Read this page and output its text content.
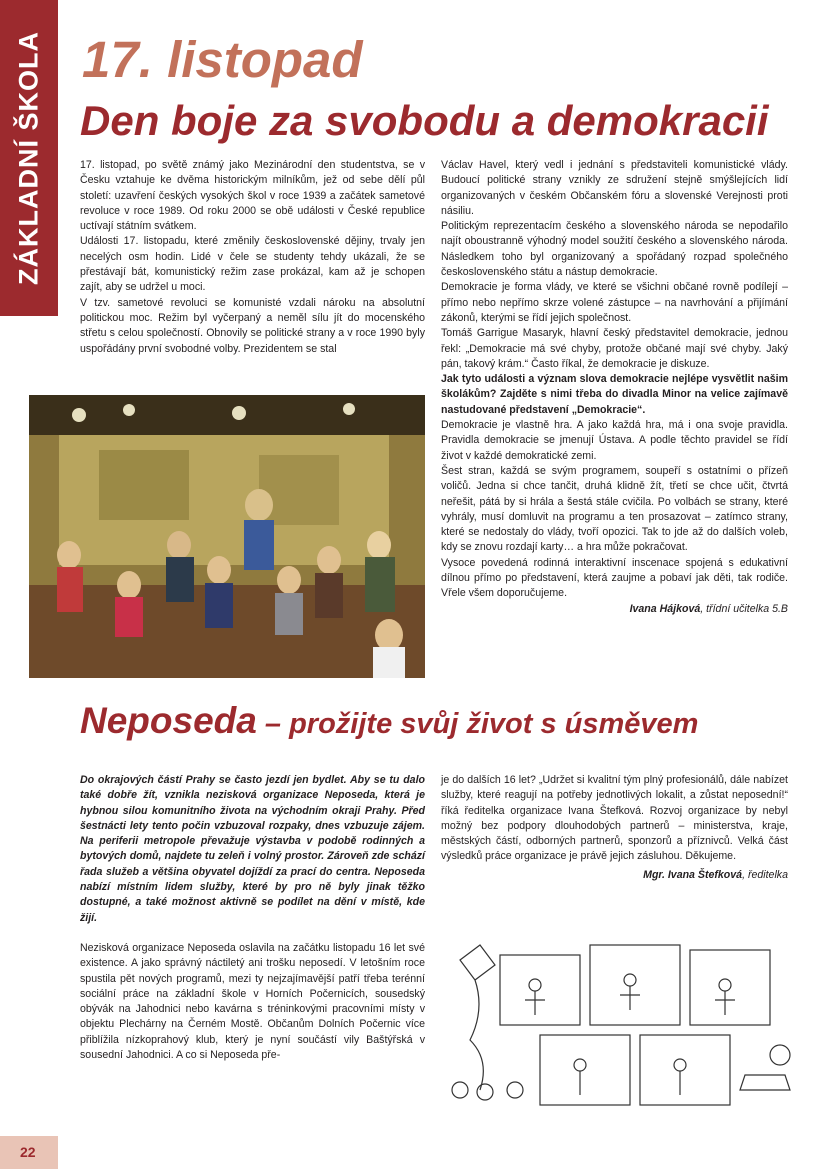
ZÁKLADNÍ ŠKOLA 17. listopad
Den boje za svobodu a demokracii

17. listopad, po světě známý jako Mezinárodní den studentstva, se v Česku vztahuje ke dvěma historickým milníkům, jež od sebe dělí půl století: uzavření českých vysokých škol v roce 1939 a začátek sametové revoluce v roce 1989. Od roku 2000 se obě události v České republice uctívají státním svátkem.

Události 17. listopadu, které změnily československé dějiny, trvaly jen necelých osm hodin. Lidé v čele se studenty tehdy ukázali, že se přestávají bát, komunistický režim zase prokázal, kam až je schopen zajít, aby se udržel u moci.

V tzv. sametové revoluci se komunisté vzdali nároku na absolutní politickou moc. Režim byl vyčerpaný a neměl sílu jít do mocenského střetu s celou společností. Obnovily se politické strany a v roce 1990 byly uspořádány první svobodné volby. Prezidentem se stal

Václav Havel, který vedl i jednání s představiteli komunistické vlády. Budoucí politické strany vznikly ze sdružení stejně smýšlejících lidí organizovaných v českém Občanském fóru a slovenské Verejnosti proti násiliu.

Politickým reprezentacím českého a slovenského národa se nepodařilo najít oboustranně výhodný model soužití českého a slovenského národa. Následkem toho byl organizovaný a spořádaný rozpad společného československého státu a nástup demokracie.

Demokracie je forma vlády, ve které se všichni občané rovně podílejí – přímo nebo nepřímo skrze volené zástupce – na navrhování a přijímání zákonů, kterými se řídí jejich společnost.

Tomáš Garrigue Masaryk, hlavní český představitel demokracie, jednou řekl: „Demokracie má své chyby, protože občané mají své chyby. Jaký pán, takový krám.“ Často říkal, že demokracie je diskuze.

Jak tyto události a význam slova demokracie nejlépe vysvětlit našim školákům? Zajděte s nimi třeba do divadla Minor na velice zajímavě nastudované představení „Demokracie“.

Demokracie je vlastně hra. A jako každá hra, má i ona svoje pravidla. Pravidla demokracie se jmenují Ústava. A podle těchto pravidel se řídí život v každé demokratické zemi.

Šest stran, každá se svým programem, soupeří s ostatními o přízeň voličů. Jedna si chce tančit, druhá klidně žít, třetí se chce učit, čtvrtá neřešit, pátá by si hrála a šestá stále cvičila. Po volbách se strany, které vyhrály, musí domluvit na programu a ten prosazovat – zatímco strany, které se nedostaly do vlády, tvoří opozici. Tak to jde až do dalších voleb, kdy se znovu rozdají karty… a hra může pokračovat.

Vysoce povedená rodinná interaktivní inscenace spojená s edukativní dílnou přímo po představení, která zaujme a pobaví jak děti, tak rodiče. Vřele všem doporučujeme.

Ivana Hájková, třídní učitelka 5.B

Neposeda – prožijte svůj život s úsměvem

Do okrajových částí Prahy se často jezdí jen bydlet. Aby se tu dalo také dobře žít, vznikla nezisková organizace Neposeda, která je hybnou silou komunitního života na východním okraji Prahy. Před šestnácti lety tento počin vzbuzoval rozpaky, dnes vzbuzuje zájem. Na periferii metropole převažuje výstavba v podobě rodinných a bytových domů, najdete tu zeleň i volný prostor. Zároveň zde schází řada služeb a většina obyvatel dojíždí za prací do centra. Neposeda nabízí místním lidem služby, které by pro ně byly jinak těžko dostupné, a také možnost aktivně se podílet na dění v místě, kde žijí.

Nezisková organizace Neposeda oslavila na začátku listopadu 16 let své existence. A jako správný náctiletý ani trošku neposedí. V letošním roce spustila pět nových programů, mezi ty nejzajímavější patří třeba terénní sociální práce na základní škole v Horních Počernicích, sousedský obývák na Jahodnici nebo kavárna s tréninkovými pracovními místy v objektu Plechárny na Černém Mostě. Občanům Dolních Počernic více přiblížila nízkoprahový klub, který je nyní součástí vily Baštýřská v sousední Jahodnici. A co si Neposeda pře-

je do dalších 16 let? „Udržet si kvalitní tým plný profesionálů, dále nabízet služby, které reagují na potřeby jednotlivých lokalit, a zůstat neposední!“ říká ředitelka organizace Ivana Štefková. Rozvoj organizace by nebyl možný bez podpory dlouhodobých partnerů – ministerstva, kraje, městských částí, odborných partnerů, sponzorů a příznivců. Velká část výsledků práce organizace je právě jejich zásluhou. Děkujeme.

Mgr. Ivana Štefková, ředitelka

22
